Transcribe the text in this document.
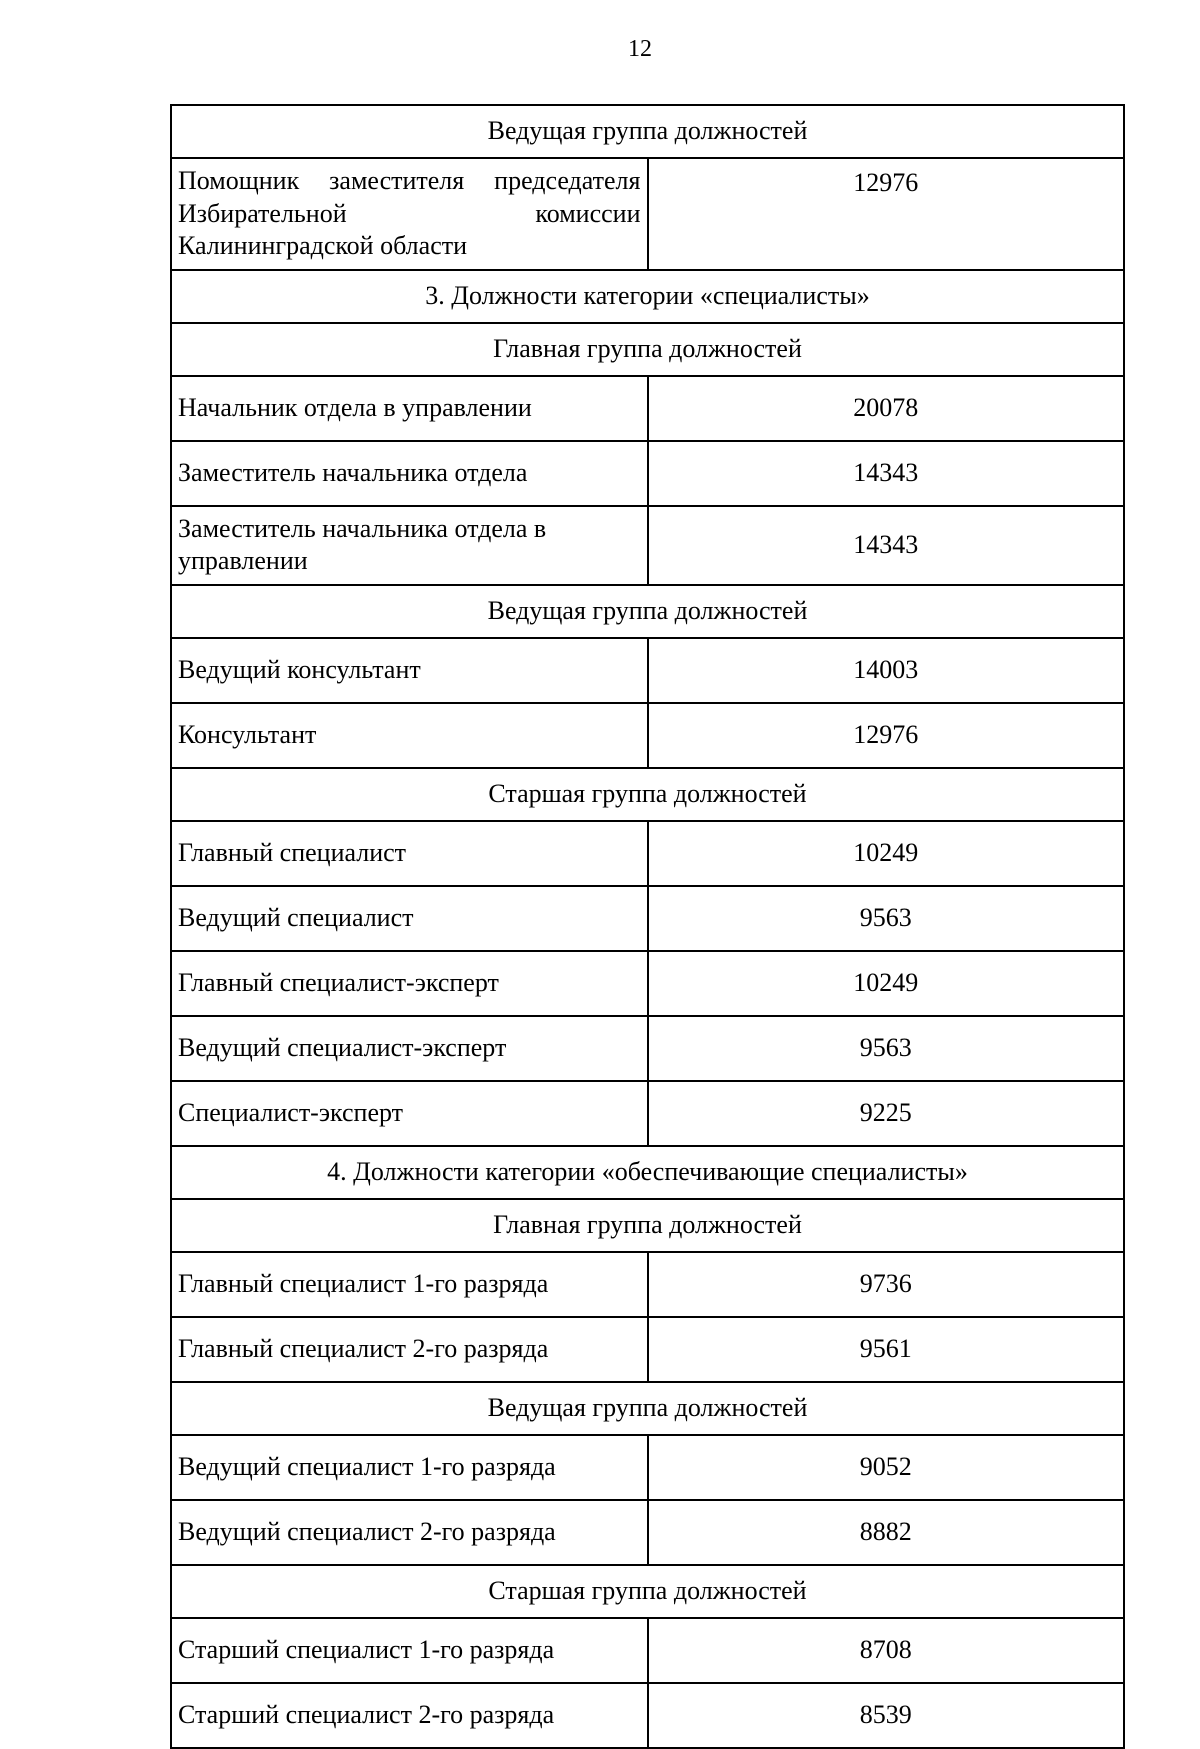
12
Ведущая группа должностей	
Помощник заместителя председателя Избирательной комиссии Калининградской области	12976
3. Должности категории «специалисты»	
Главная группа должностей	
Начальник отдела в управлении	20078
Заместитель начальника отдела	14343
Заместитель начальника отдела в управлении	14343
Ведущая группа должностей	
Ведущий консультант	14003
Консультант	12976
Старшая группа должностей	
Главный специалист	10249
Ведущий специалист	9563
Главный специалист-эксперт	10249
Ведущий специалист-эксперт	9563
Специалист-эксперт	9225
4. Должности категории «обеспечивающие специалисты»	
Главная группа должностей	
Главный специалист 1-го разряда	9736
Главный специалист 2-го разряда	9561
Ведущая группа должностей	
Ведущий специалист 1-го разряда	9052
Ведущий специалист 2-го разряда	8882
Старшая группа должностей	
Старший специалист 1-го разряда	8708
Старший специалист 2-го разряда	8539
